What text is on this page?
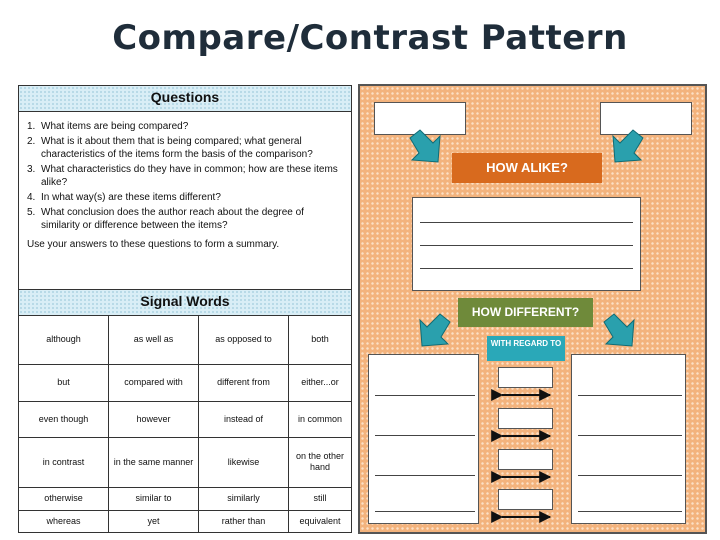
Compare/Contrast Pattern
Questions
1. What items are being compared?
2. What is it about them that is being compared; what general characteristics of the items form the basis of the comparison?
3. What characteristics do they have in common; how are these items alike?
4. In what way(s) are these items different?
5. What conclusion does the author reach about the degree of similarity or difference between the items?
Use your answers to these questions to form a summary.
Signal Words
although	as well as	as opposed to	both
but	compared with	different from	either...or
even though	however	instead of	in common
in contrast	in the same manner	likewise	on the other hand
otherwise	similar to	similarly	still
whereas	yet	rather than	equivalent
HOW ALIKE?
HOW DIFFERENT?
WITH REGARD TO
